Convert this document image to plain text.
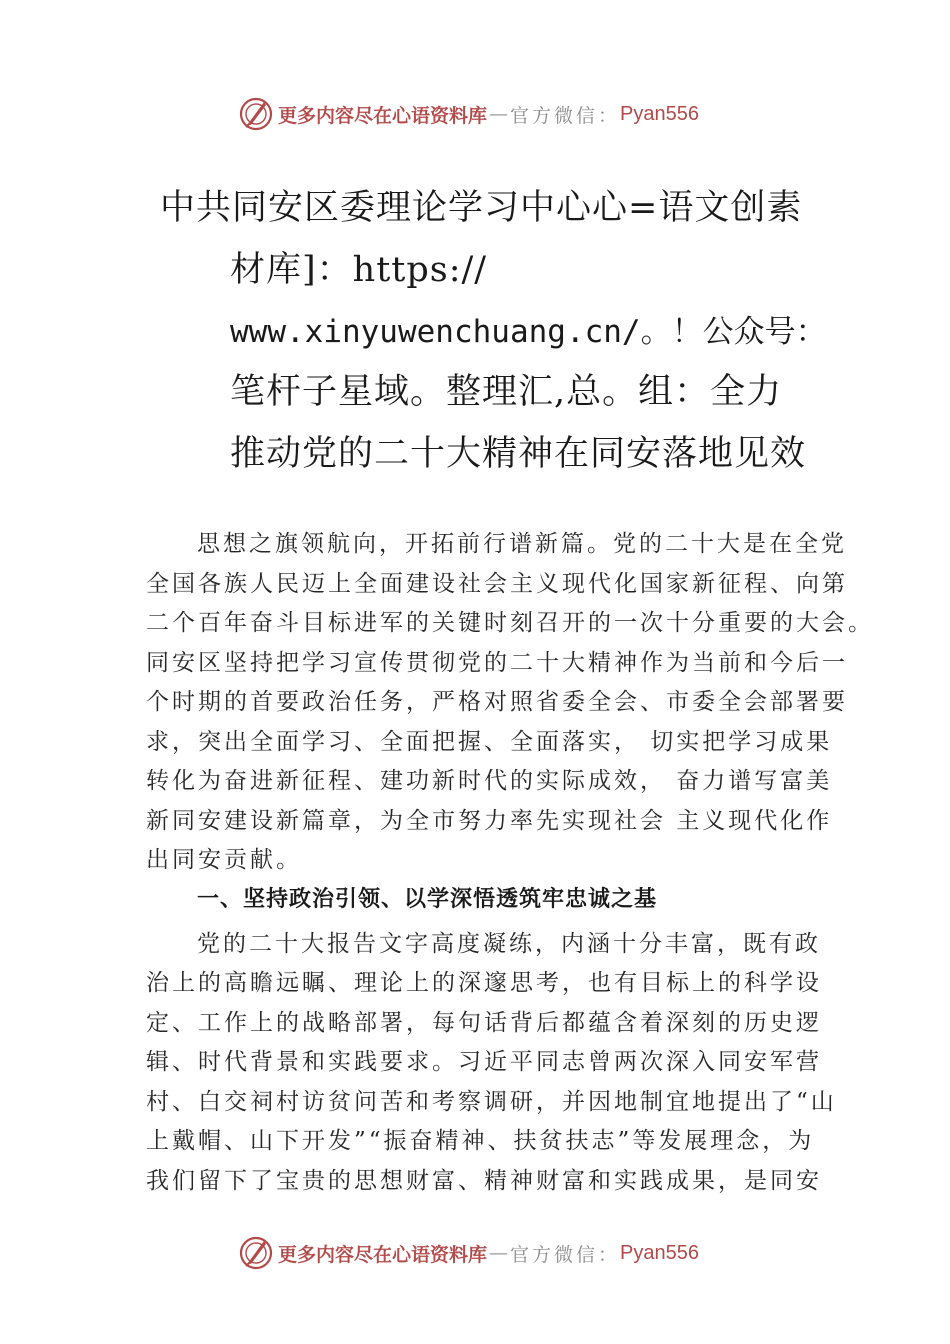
更多内容尽在心语资料库 — 官方微信： Pyan556
中共同安区委理论学习中心心=语文创素
材库]：https://
www.xinyuwenchuang.cn/。！公众号：
笔杆子星域。整理汇,总。组：全力
推动党的二十大精神在同安落地见效
思想之旗领航向，开拓前行谱新篇。党的二十大是在全党
全国各族人民迈上全面建设社会主义现代化国家新征程、向第
二个百年奋斗目标进军的关键时刻召开的一次十分重要的大会。
同安区坚持把学习宣传贯彻党的二十大精神作为当前和今后一
个时期的首要政治任务，严格对照省委全会、市委全会部署要
求，突出全面学习、全面把握、全面落实， 切实把学习成果
转化为奋进新征程、建功新时代的实际成效， 奋力谱写富美
新同安建设新篇章，为全市努力率先实现社会 主义现代化作
出同安贡献。
一、坚持政治引领、以学深悟透筑牢忠诚之基
党的二十大报告文字高度凝练，内涵十分丰富，既有政
治上的高瞻远瞩、理论上的深邃思考，也有目标上的科学设
定、工作上的战略部署，每句话背后都蕴含着深刻的历史逻
辑、时代背景和实践要求。习近平同志曾两次深入同安军营
村、白交祠村访贫问苦和考察调研，并因地制宜地提出了“山
上戴帽、山下开发”“振奋精神、扶贫扶志”等发展理念，为
我们留下了宝贵的思想财富、精神财富和实践成果，是同安
更多内容尽在心语资料库 — 官方微信： Pyan556
